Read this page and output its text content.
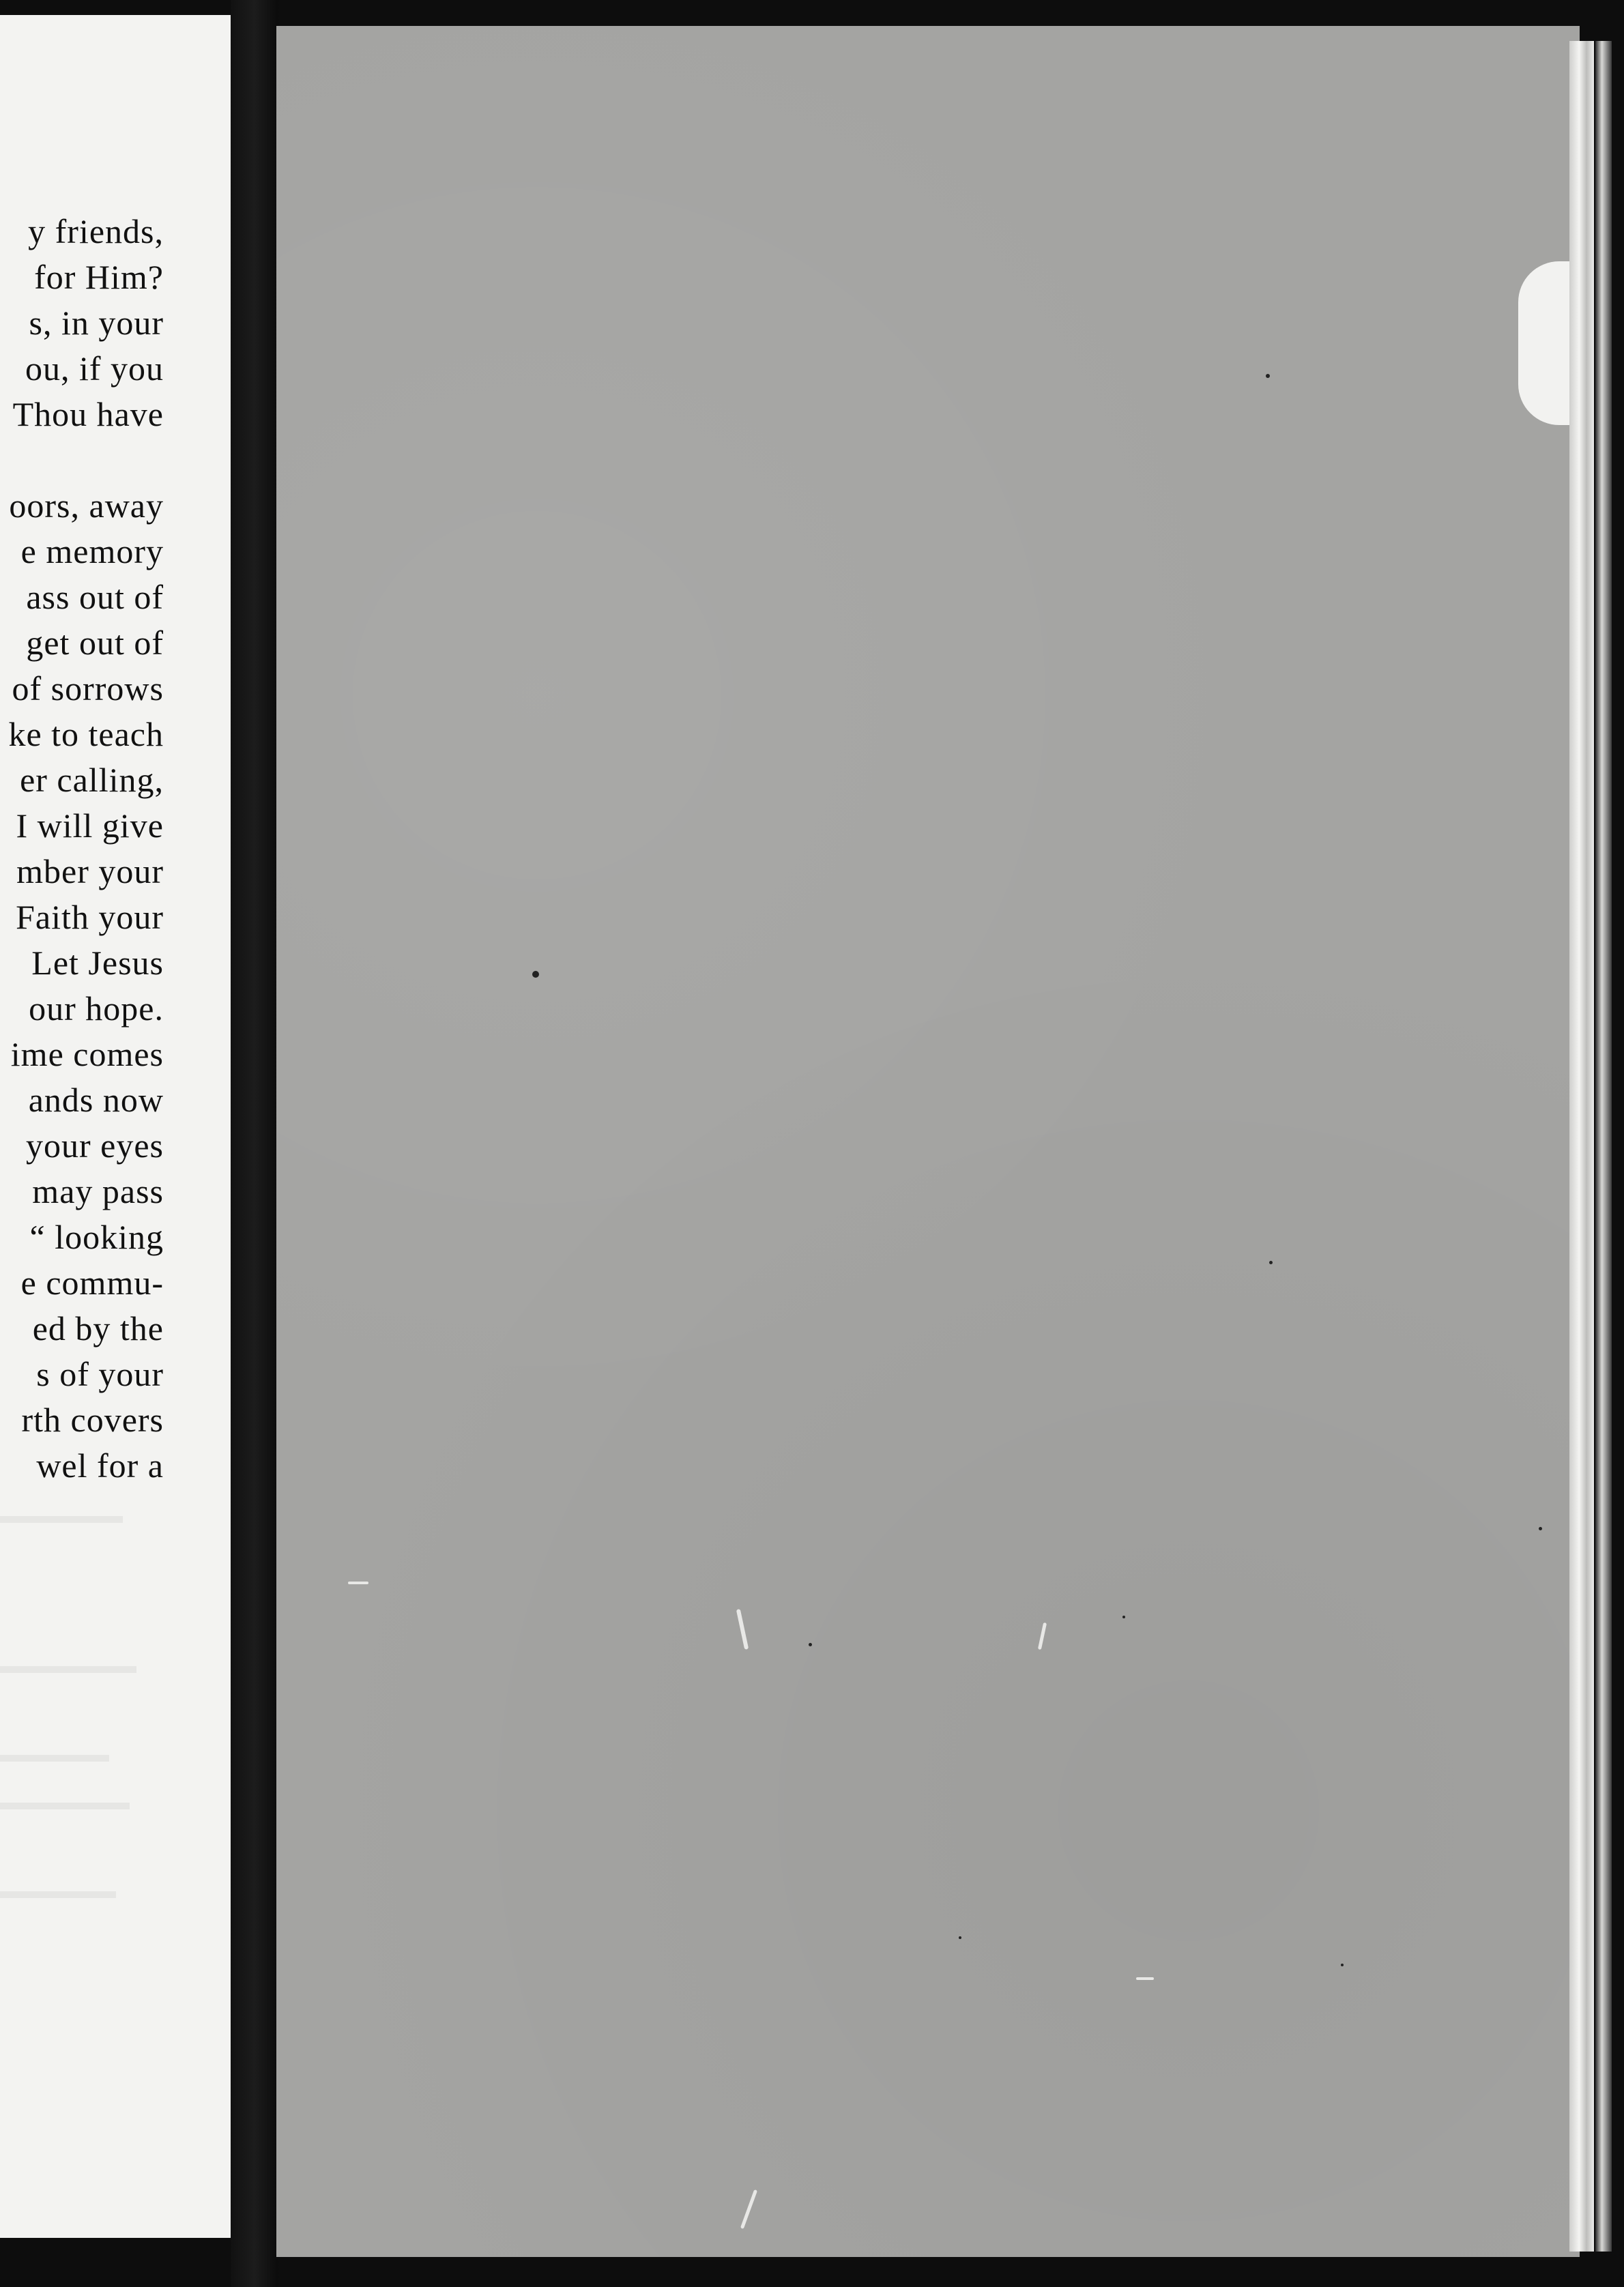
y friends,
for Him?
s, in your
ou, if you
Thou have
oors, away
e memory
ass out of
get out of
of sorrows
ke to teach
er calling,
I will give
mber your
Faith your
Let Jesus
our hope.
ime comes
ands now
your eyes
may pass
“ looking
e commu-
ed by the
s of your
rth covers
wel for a
